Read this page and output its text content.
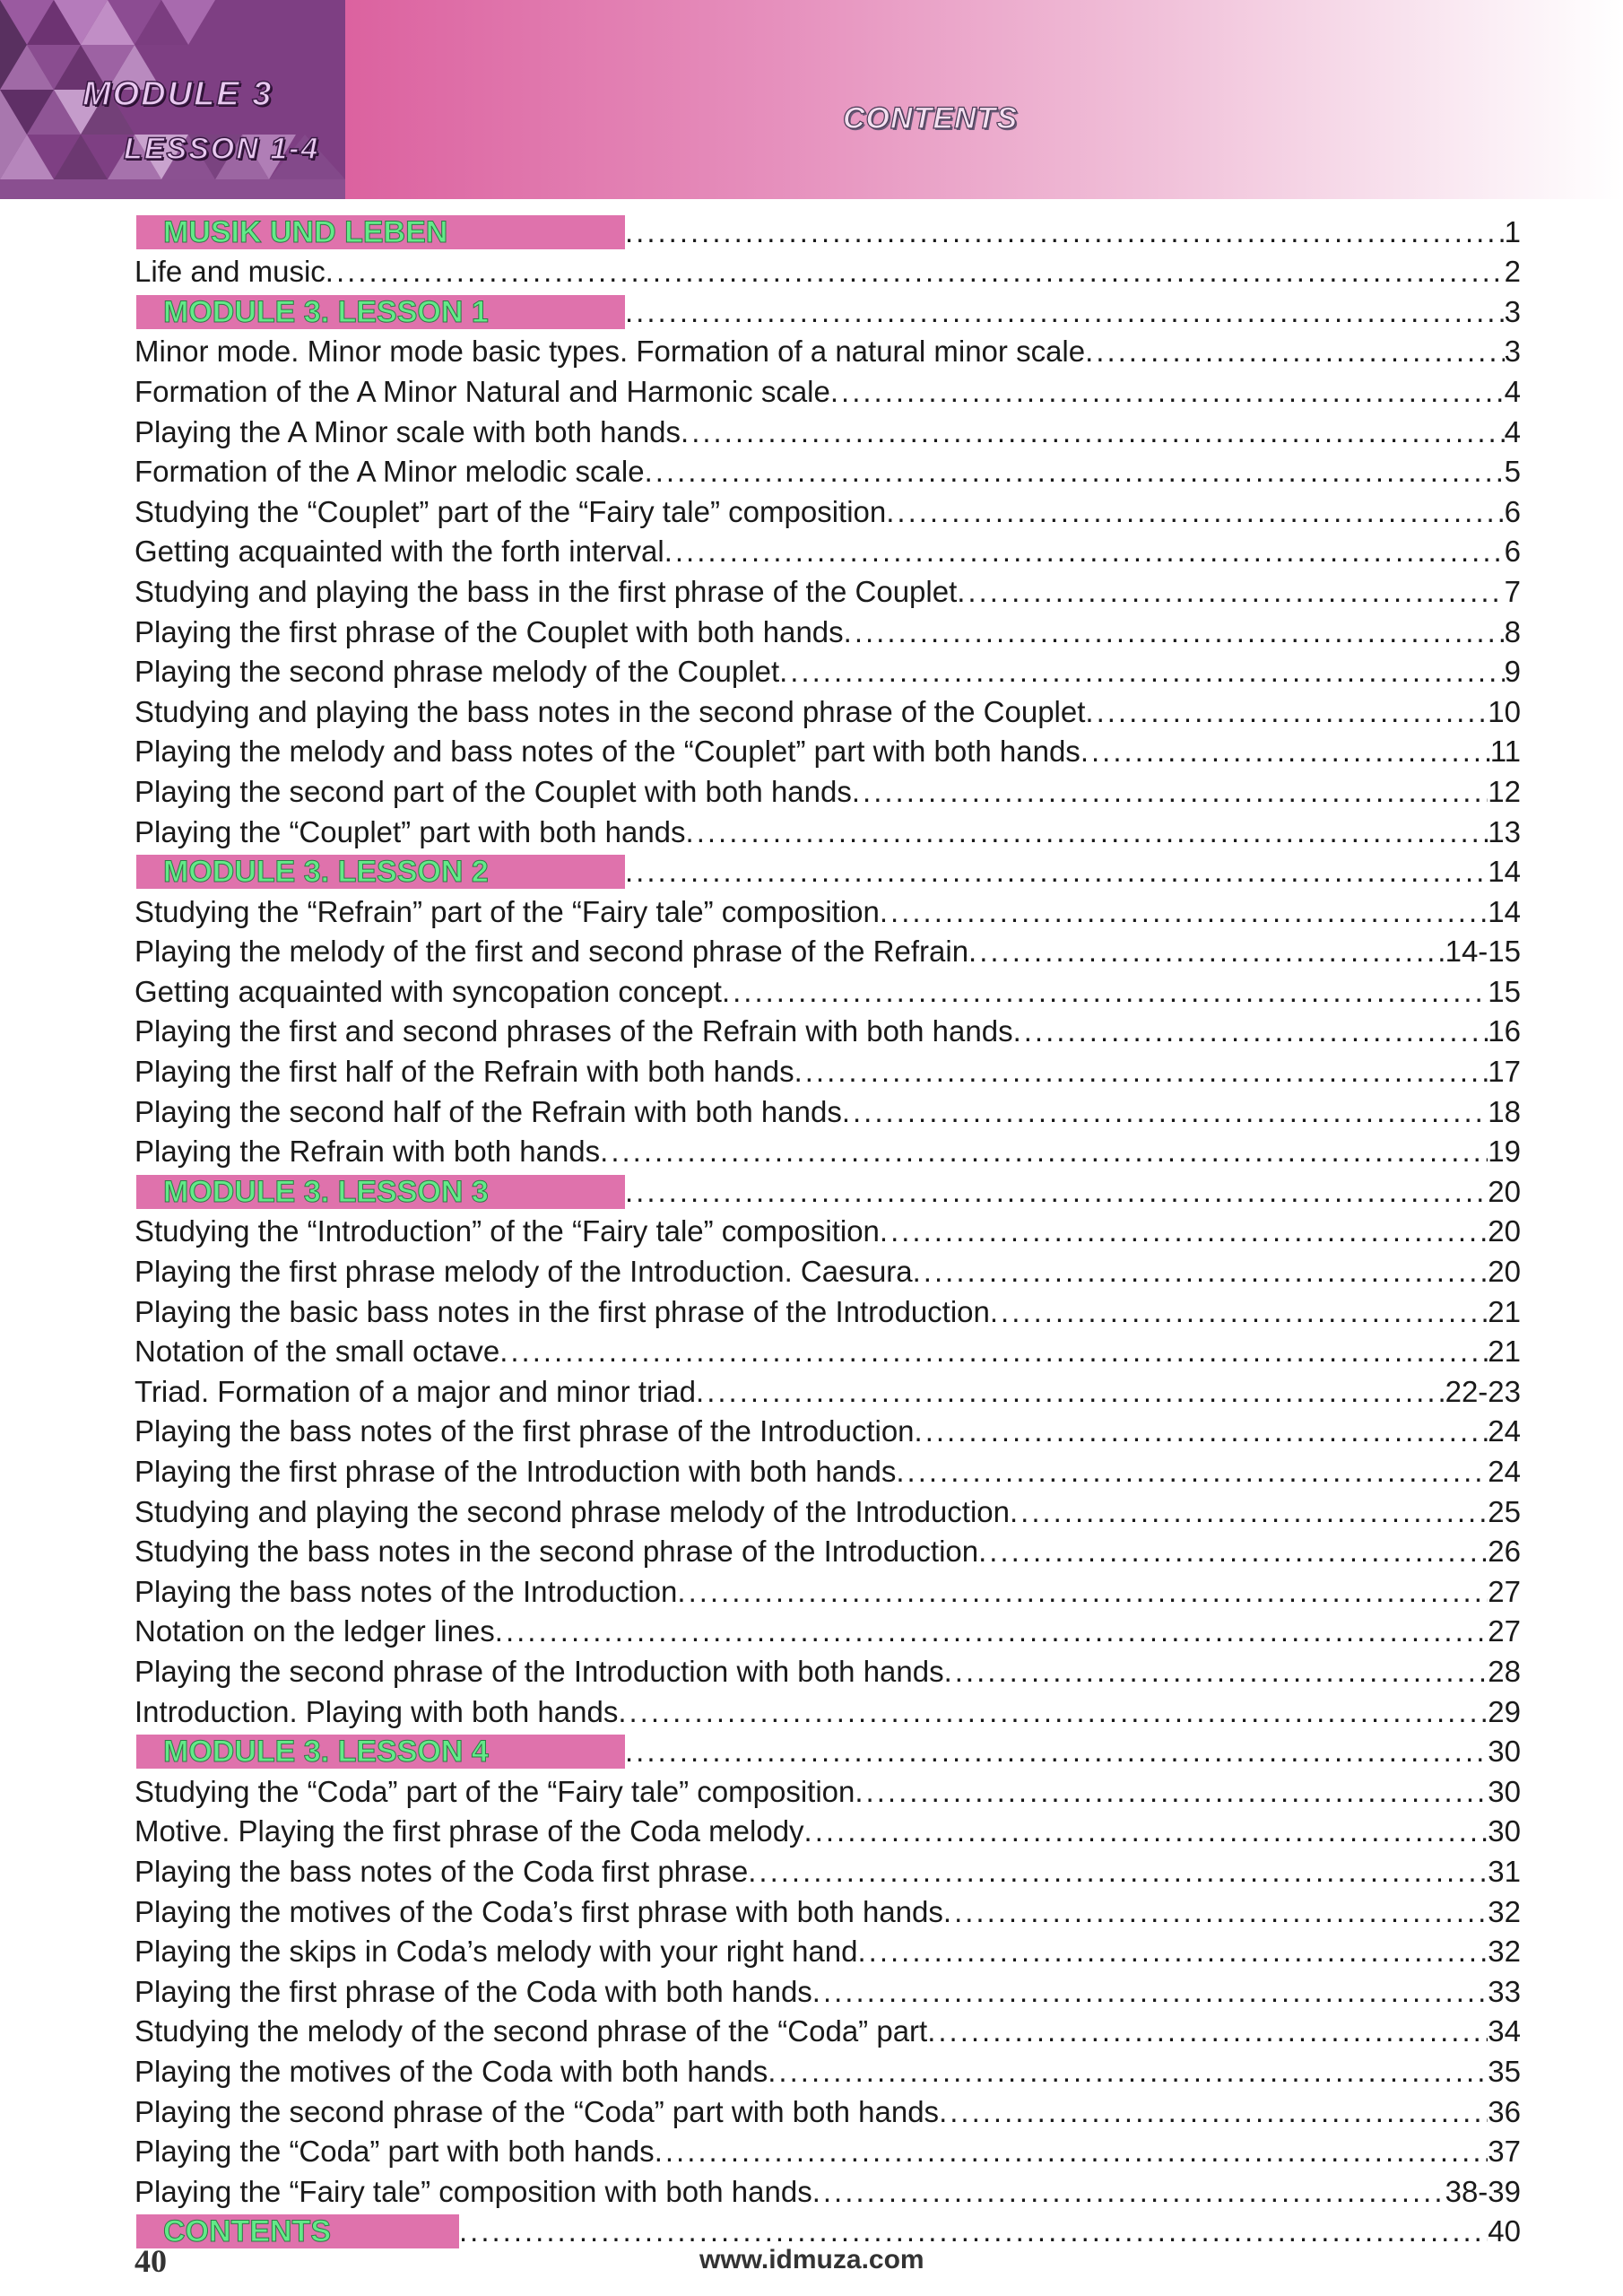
MODULE 3
LESSON 1-4
CONTENTS
MUSIK UND LEBEN .....	1
Life and music .....	2
MODULE 3. LESSON 1 .....	3
Minor mode. Minor mode basic types. Formation of a natural minor scale .....	3
Formation of the A Minor Natural and Harmonic scale .....	4
Playing the A Minor scale with both hands .....	4
Formation of the A Minor melodic scale .....	5
Studying the “Couplet” part of the “Fairy tale” composition .....	6
Getting acquainted with the forth interval .....	6
Studying and playing the bass in the first phrase of the Couplet .....	7
Playing the first phrase of the Couplet with both hands .....	8
Playing the second phrase melody of the Couplet .....	9
Studying and playing the bass notes in the second phrase of the Couplet .....	10
Playing the melody and bass notes of the “Couplet” part with both hands .....	11
Playing the second part of the Couplet with both hands .....	12
Playing the “Couplet” part with both hands .....	13
MODULE 3. LESSON 2 .....	14
Studying the “Refrain” part of the “Fairy tale” composition .....	14
Playing the melody of the first and second phrase of the Refrain .....	14-15
Getting acquainted with syncopation concept .....	15
Playing the first and second phrases of the Refrain with both hands .....	16
Playing the first half of the Refrain with both hands .....	17
Playing the second half of the Refrain with both hands .....	18
Playing the Refrain with both hands .....	19
MODULE 3. LESSON 3 .....	20
Studying the “Introduction” of the “Fairy tale” composition .....	20
Playing the first phrase melody of the Introduction. Caesura .....	20
Playing the basic bass notes in the first phrase of the Introduction .....	21
Notation of the small octave .....	21
Triad. Formation of a major and minor triad .....	22-23
Playing the bass notes of the first phrase of the Introduction .....	24
Playing the first phrase of the Introduction with both hands .....	24
Studying and playing the second phrase melody of the Introduction .....	25
Studying the bass notes in the second phrase of the Introduction .....	26
Playing the bass notes of the Introduction .....	27
Notation on the ledger lines .....	27
Playing the second phrase of the Introduction with both hands .....	28
Introduction. Playing with both hands .....	29
MODULE 3. LESSON 4 .....	30
Studying the “Coda” part of the “Fairy tale” composition .....	30
Motive. Playing the first phrase of the Coda melody .....	30
Playing the bass notes of the Coda first phrase .....	31
Playing the motives of the Coda’s first phrase with both hands .....	32
Playing the skips in Coda’s melody with your right hand .....	32
Playing the first phrase of the Coda with both hands .....	33
Studying the melody of the second phrase of the “Coda” part .....	34
Playing the motives of the Coda with both hands .....	35
Playing the second phrase of the “Coda” part with both hands .....	36
Playing the “Coda” part with both hands .....	37
Playing the “Fairy tale” composition with both hands .....	38-39
CONTENTS .....	40
40	www.idmuza.com
